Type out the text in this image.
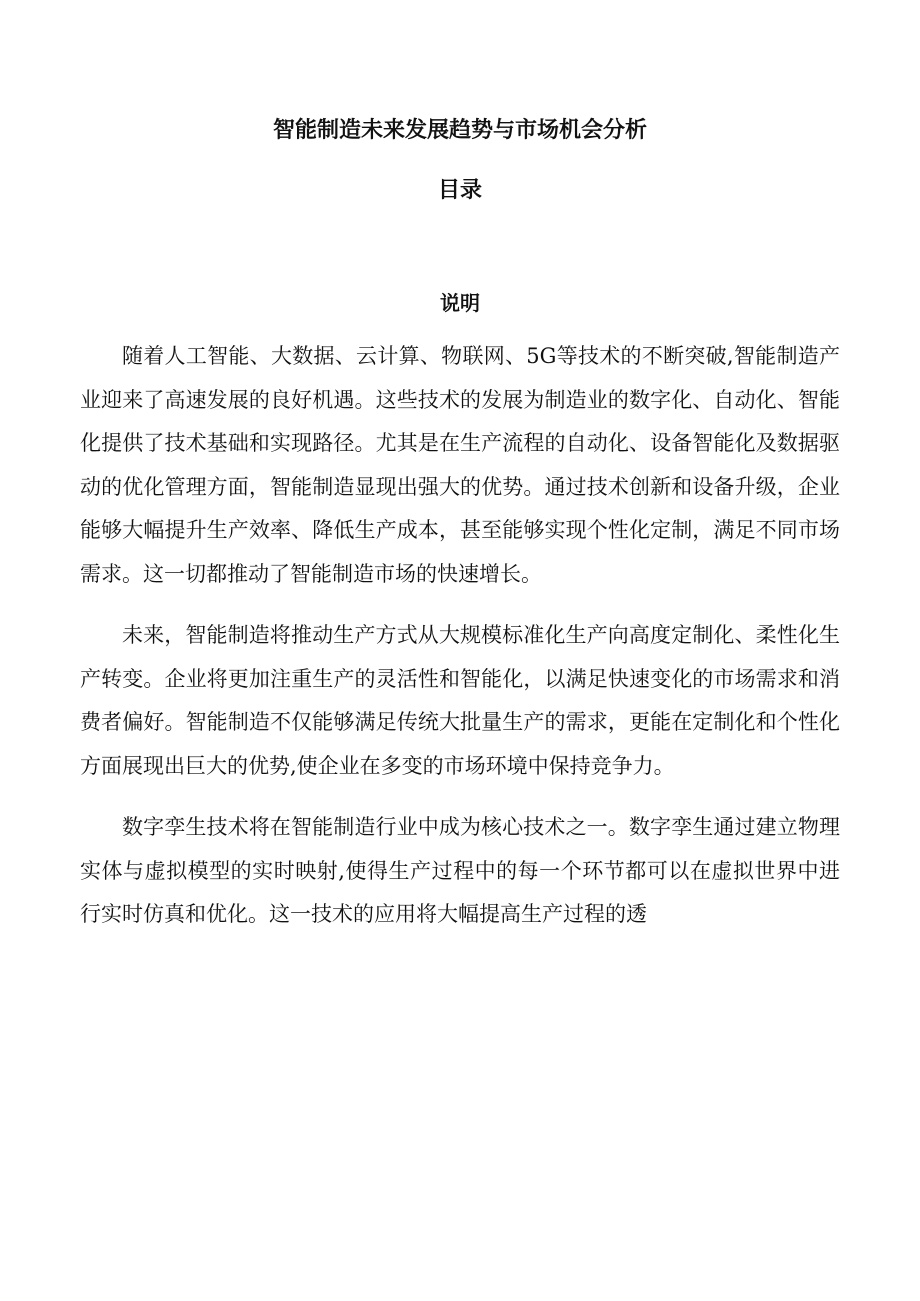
智能制造未来发展趋势与市场机会分析
目录
说明

随着人工智能、大数据、云计算、物联网、5G等技术的不断突破,智能制造产业迎来了高速发展的良好机遇。这些技术的发展为制造业的数字化、自动化、智能化提供了技术基础和实现路径。尤其是在生产流程的自动化、设备智能化及数据驱动的优化管理方面，智能制造显现出强大的优势。通过技术创新和设备升级，企业能够大幅提升生产效率、降低生产成本，甚至能够实现个性化定制，满足不同市场需求。这一切都推动了智能制造市场的快速增长。

未来，智能制造将推动生产方式从大规模标准化生产向高度定制化、柔性化生产转变。企业将更加注重生产的灵活性和智能化，以满足快速变化的市场需求和消费者偏好。智能制造不仅能够满足传统大批量生产的需求，更能在定制化和个性化方面展现出巨大的优势,使企业在多变的市场环境中保持竞争力。

数字孪生技术将在智能制造行业中成为核心技术之一。数字孪生通过建立物理实体与虚拟模型的实时映射,使得生产过程中的每一个环节都可以在虚拟世界中进行实时仿真和优化。这一技术的应用将大幅提高生产过程的透
